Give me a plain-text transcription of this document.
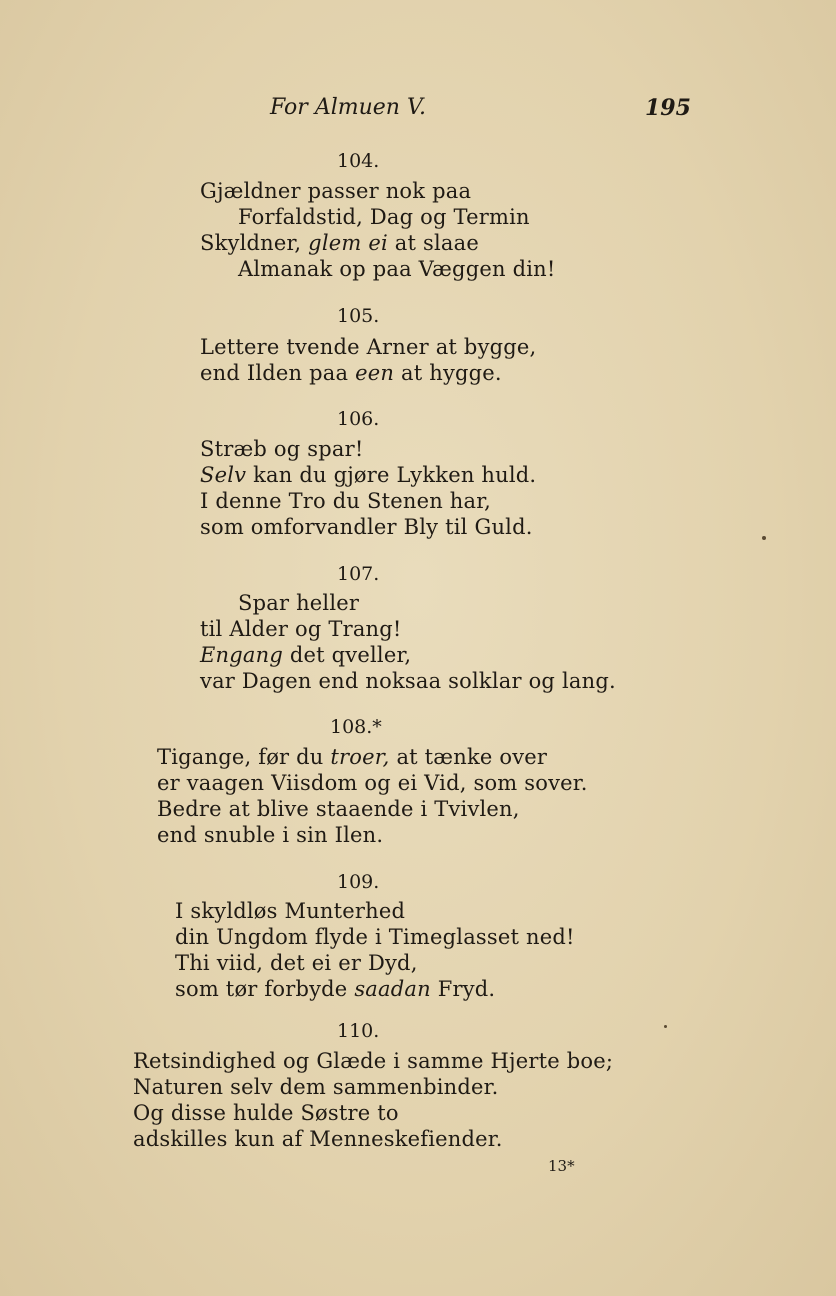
For Almuen V.	195
104.
Gjældner passer nok paa
Forfaldstid, Dag og Termin
Skyldner, glem ei at slaae
Almanak op paa Væggen din!
105.
Lettere tvende Arner at bygge,
end Ilden paa een at hygge.
106.
Stræb og spar!
Selv kan du gjøre Lykken huld.
I denne Tro du Stenen har,
som omforvandler Bly til Guld.
107.
Spar heller
til Alder og Trang!
Engang det qveller,
var Dagen end noksaa solklar og lang.
108.*
Tigange, før du troer, at tænke over
er vaagen Viisdom og ei Vid, som sover.
Bedre at blive staaende i Tvivlen,
end snuble i sin Ilen.
109.
I skyldløs Munterhed
din Ungdom flyde i Timeglasset ned!
Thi viid, det ei er Dyd,
som tør forbyde saadan Fryd.
110.
Retsindighed og Glæde i samme Hjerte boe;
Naturen selv dem sammenbinder.
Og disse hulde Søstre to
adskilles kun af Menneskefiender.
13*
